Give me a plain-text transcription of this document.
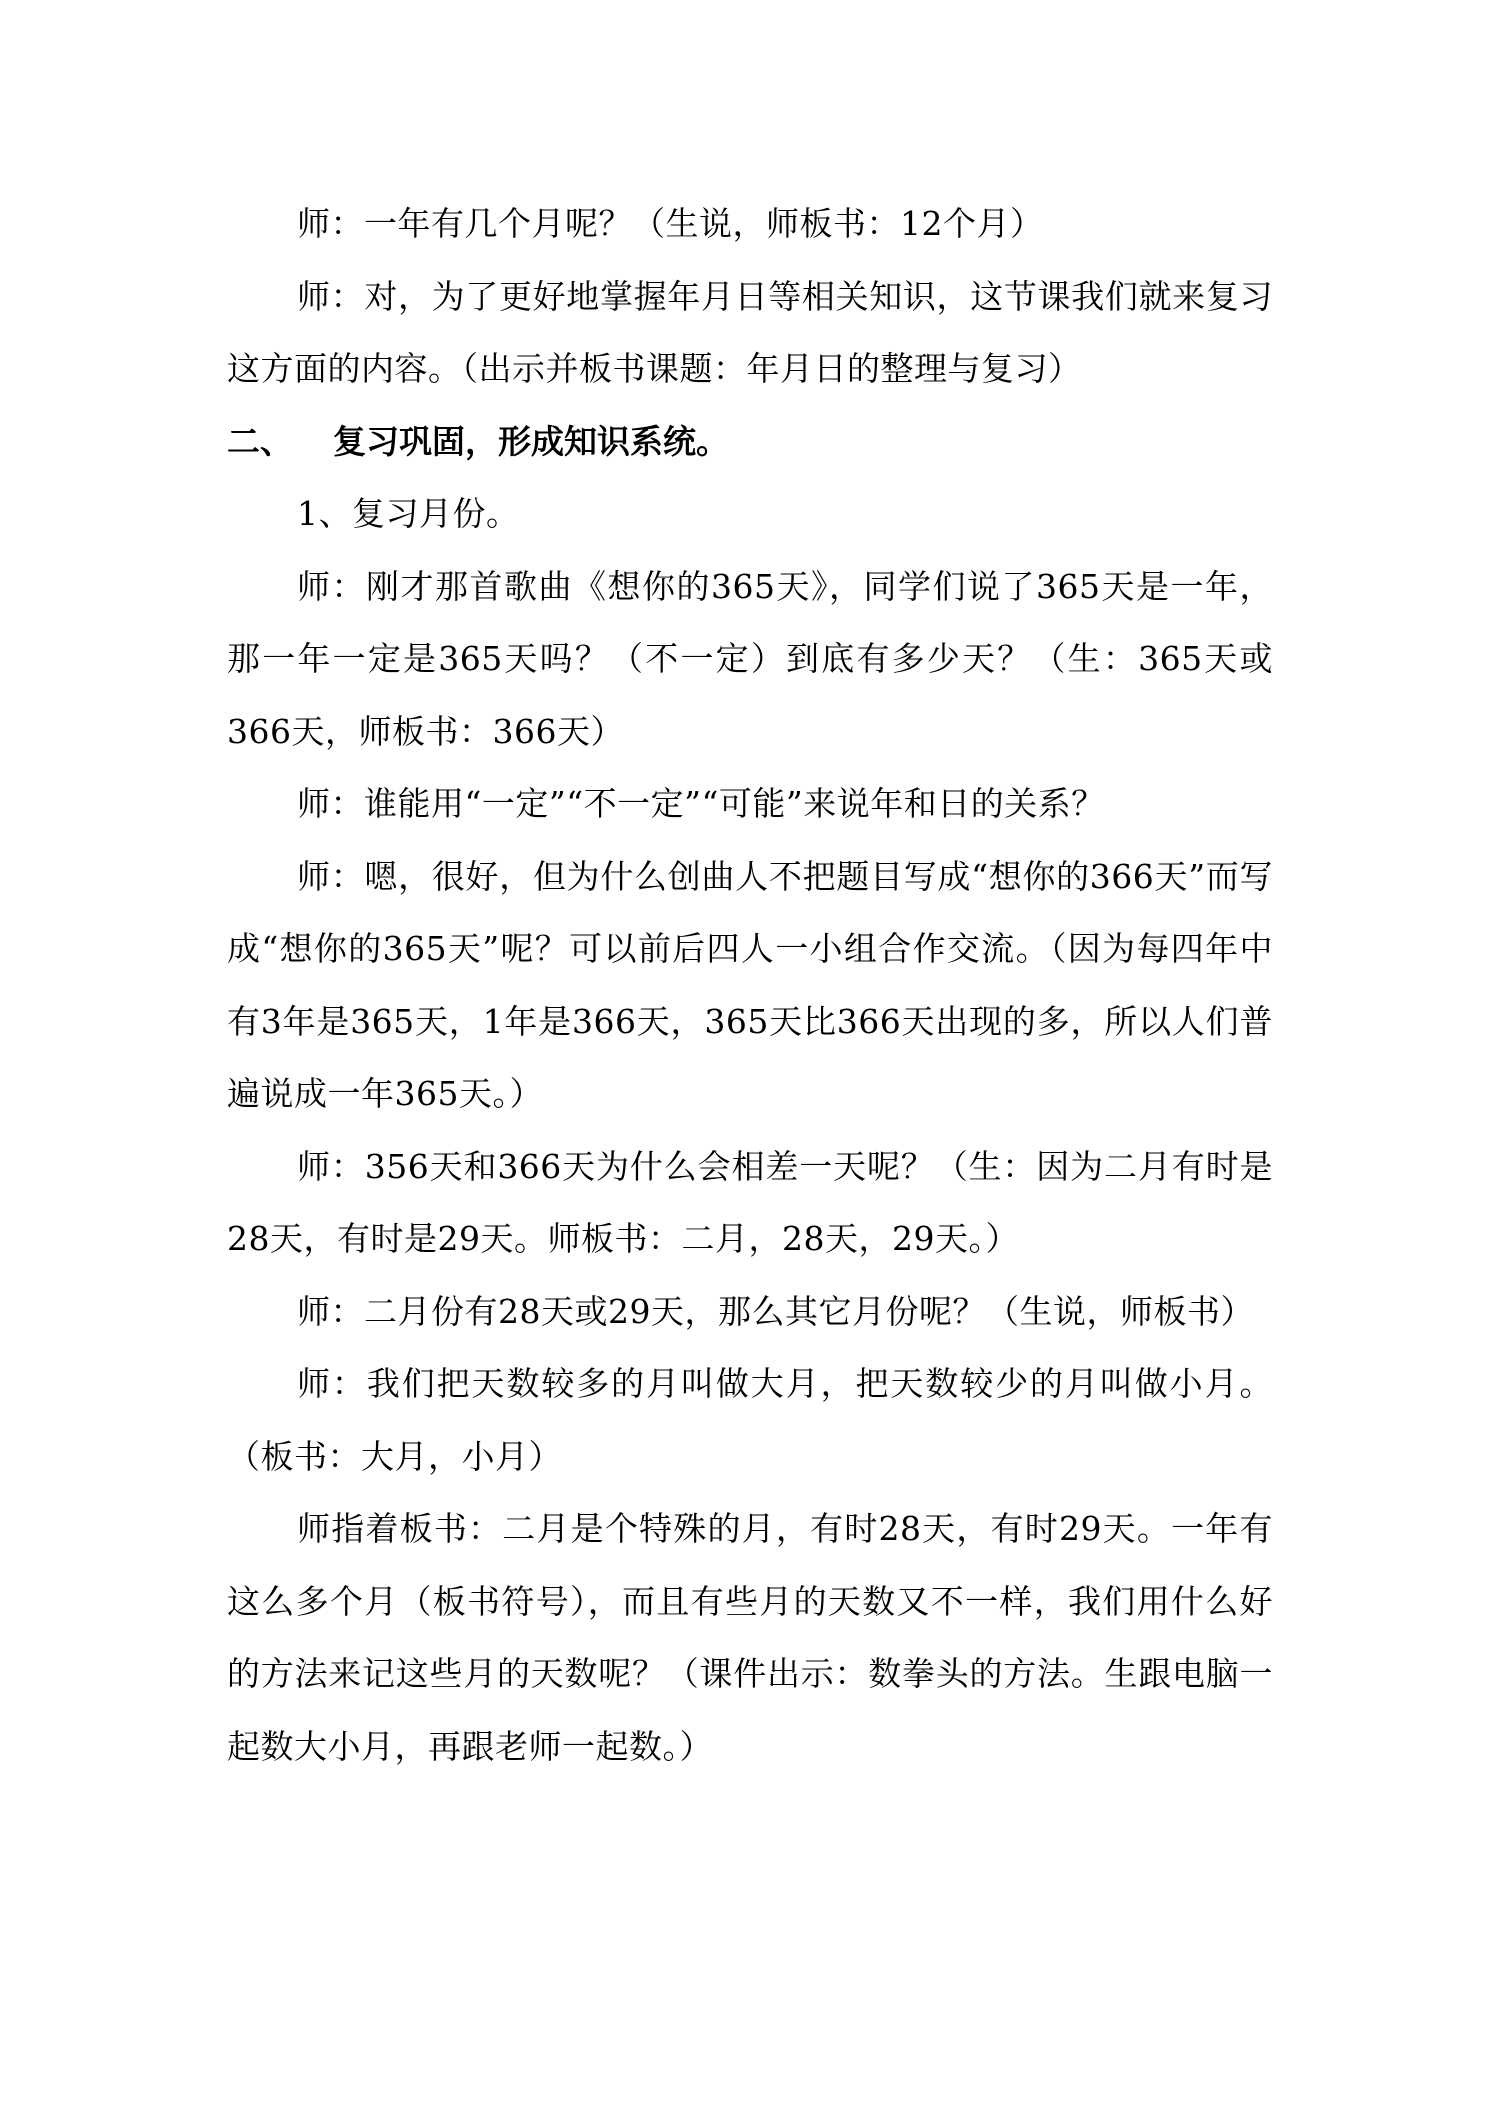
师：一年有几个月呢？（生说，师板书：12个月）

师：对，为了更好地掌握年月日等相关知识，这节课我们就来复习这方面的内容。（出示并板书课题：年月日的整理与复习）

二、 复习巩固，形成知识系统。

1、复习月份。

师：刚才那首歌曲《想你的365天》，同学们说了365天是一年，那一年一定是365天吗？（不一定）到底有多少天？（生：365天或366天，师板书：366天）

师：谁能用“一定”“不一定”“可能”来说年和日的关系？

师：嗯，很好，但为什么创曲人不把题目写成“想你的366天”而写成“想你的365天”呢？可以前后四人一小组合作交流。（因为每四年中有3年是365天，1年是366天，365天比366天出现的多，所以人们普遍说成一年365天。）

师：356天和366天为什么会相差一天呢？（生：因为二月有时是28天，有时是29天。师板书：二月，28天，29天。）

师：二月份有28天或29天，那么其它月份呢？（生说，师板书）

师：我们把天数较多的月叫做大月，把天数较少的月叫做小月。（板书：大月，小月）

师指着板书：二月是个特殊的月，有时28天，有时29天。一年有这么多个月（板书符号），而且有些月的天数又不一样，我们用什么好的方法来记这些月的天数呢？（课件出示：数拳头的方法。生跟电脑一起数大小月，再跟老师一起数。）
